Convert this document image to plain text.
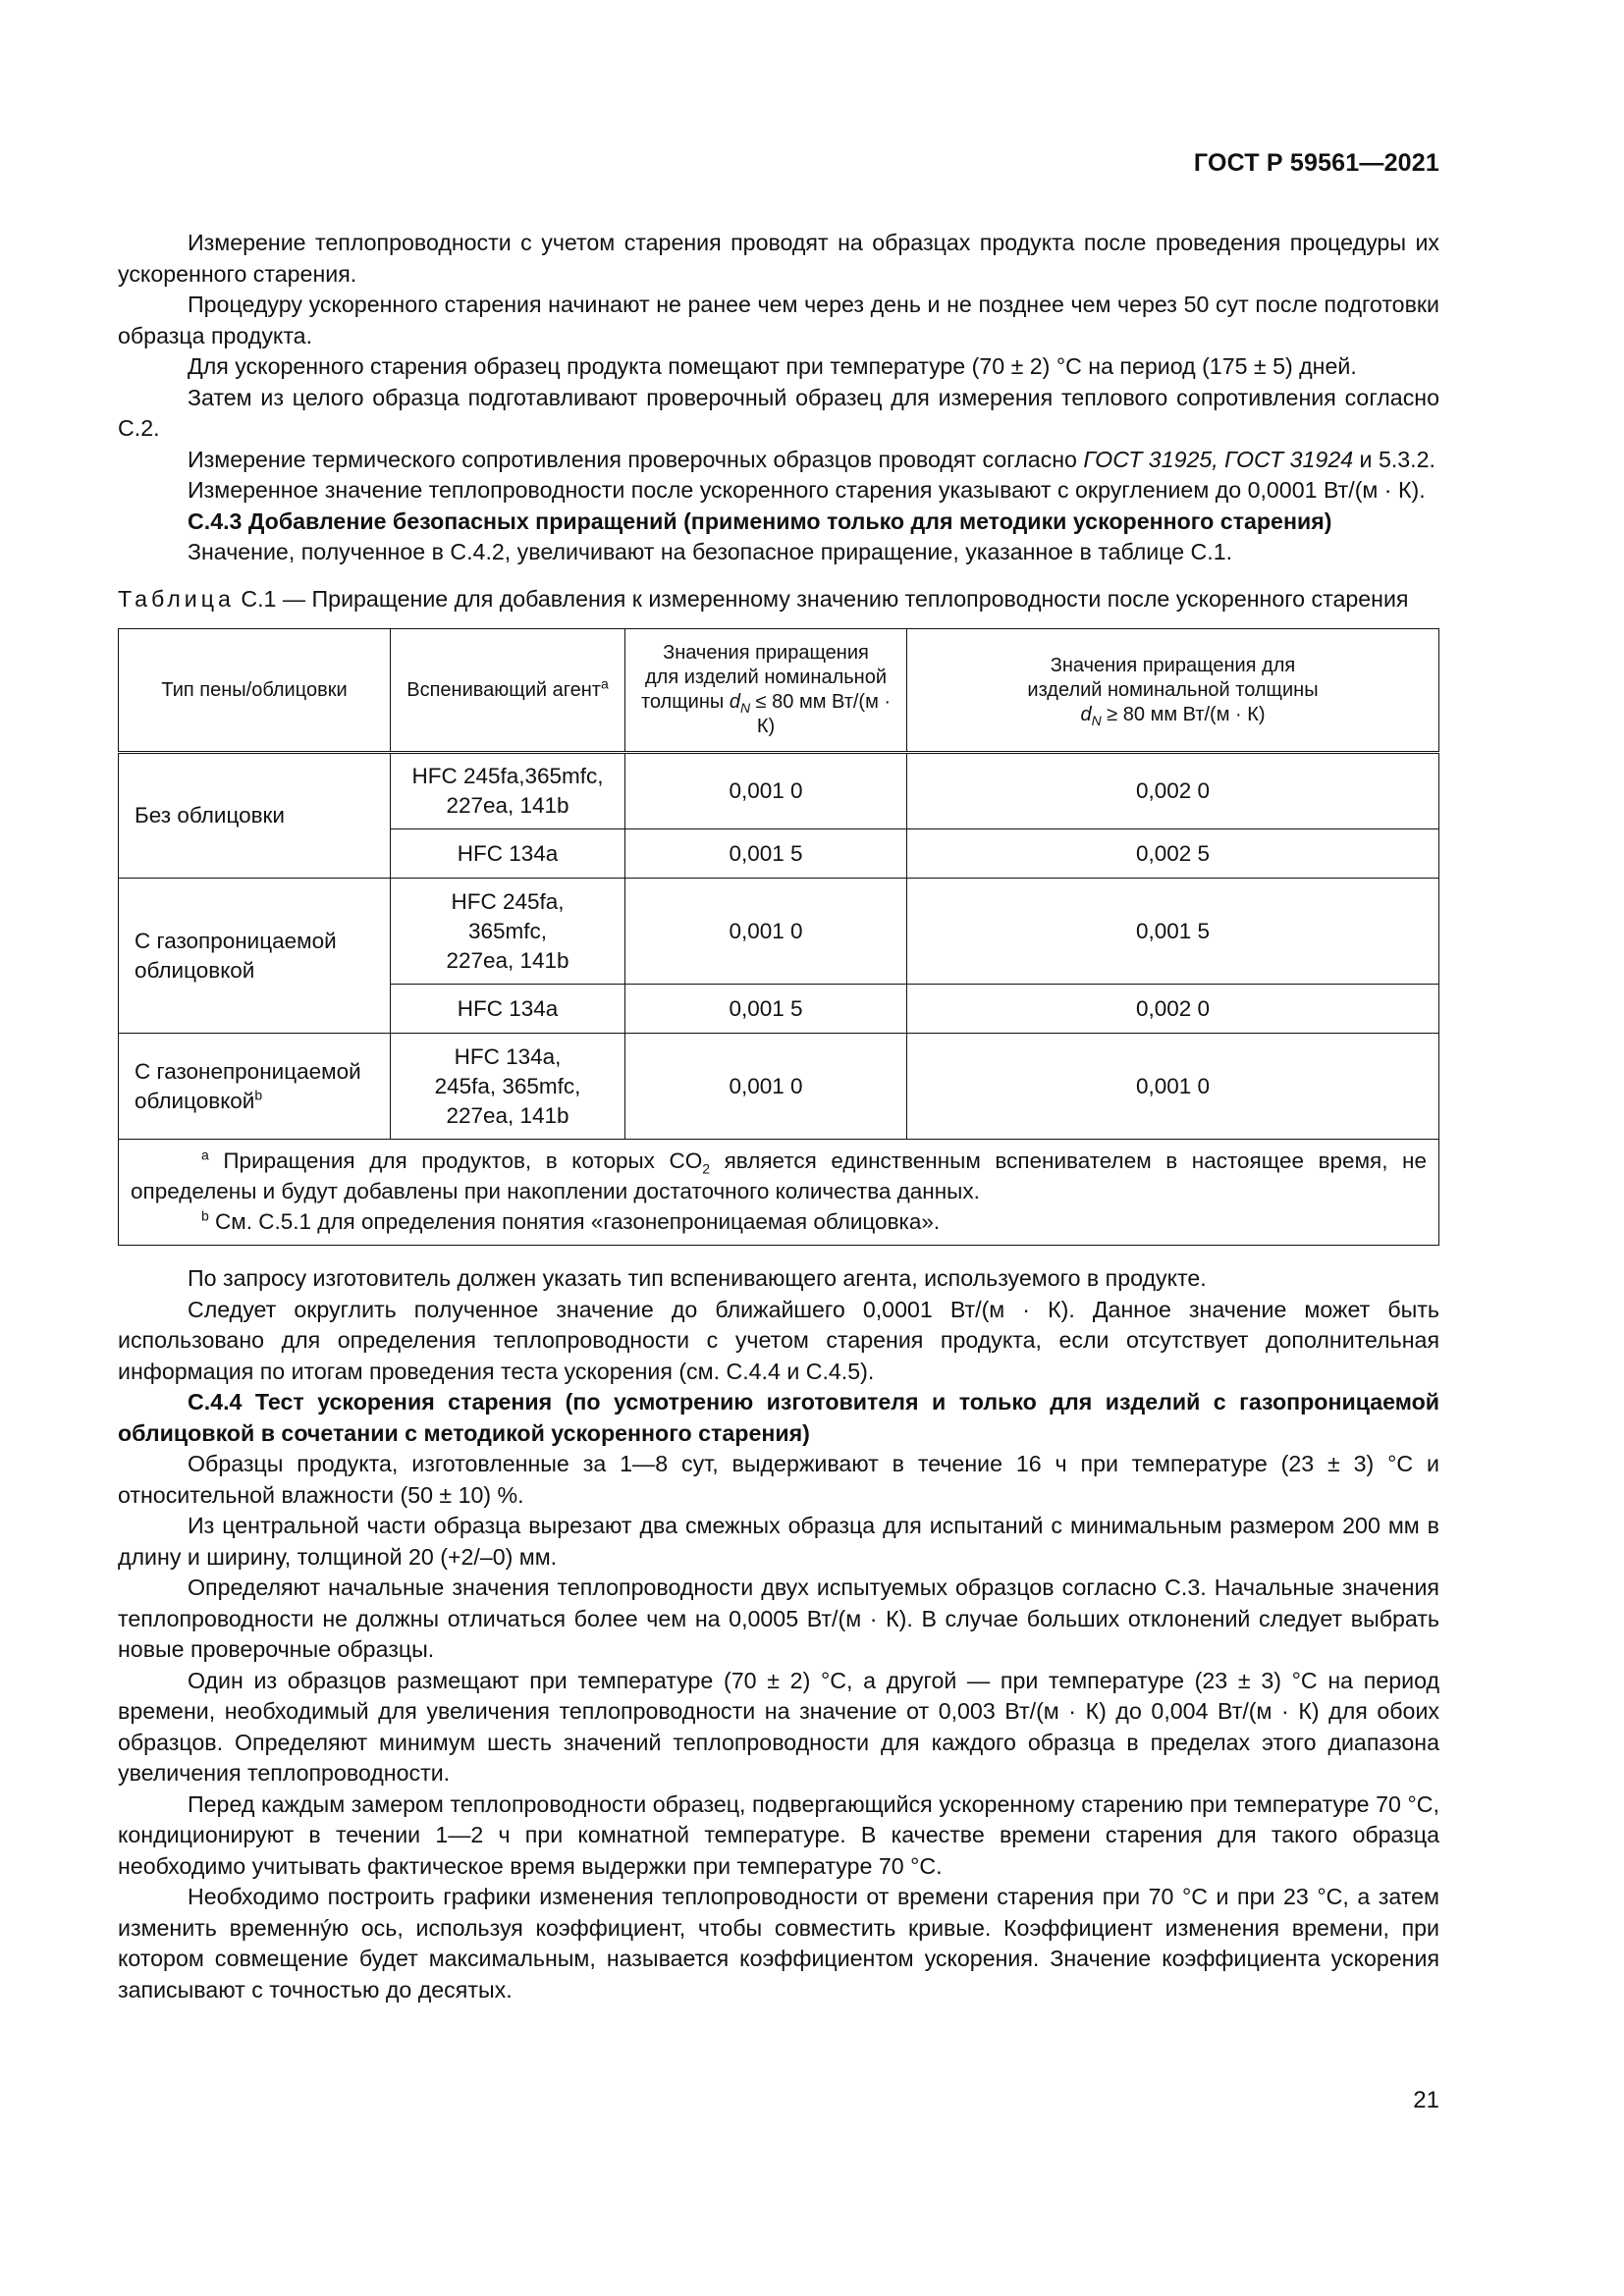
ГОСТ Р 59561—2021

Измерение теплопроводности с учетом старения проводят на образцах продукта после проведения процедуры их ускоренного старения.

Процедуру ускоренного старения начинают не ранее чем через день и не позднее чем через 50 сут после подготовки образца продукта.

Для ускоренного старения образец продукта помещают при температуре (70 ± 2) °С на период (175 ± 5) дней.

Затем из целого образца подготавливают проверочный образец для измерения теплового сопротивления согласно С.2.

Измерение термического сопротивления проверочных образцов проводят согласно ГОСТ 31925, ГОСТ 31924 и 5.3.2.

Измеренное значение теплопроводности после ускоренного старения указывают с округлением до 0,0001 Вт/(м · К).

С.4.3 Добавление безопасных приращений (применимо только для методики ускоренного старения)

Значение, полученное в С.4.2, увеличивают на безопасное приращение, указанное в таблице С.1.

Таблица С.1 — Приращение для добавления к измеренному значению теплопроводности после ускоренного старения

Тип пены/облицовки	Вспенивающий агент$^a$	Значения приращения
для изделий номинальной
толщины $d_N \le 80$ мм Вт/(м · К)	Значения приращения для
изделий номинальной толщины
$d_N \ge 80$ мм Вт/(м · К)
Без облицовки	HFC 245fa,365mfc,
227ea, 141b	0,001 0	0,002 0
	HFC 134a	0,001 5	0,002 5
С газопроницаемой
облицовкой	HFC 245fa,
365mfc,
227ea, 141b	0,001 0	0,001 5
	HFC 134a	0,001 5	0,002 0
С газонепроницаемой
облицовкой$^b$	HFC 134a,
245fa, 365mfc,
227ea, 141b	0,001 0	0,001 0

$^a$ Приращения для продуктов, в которых $CO_2$ является единственным вспенивателем в настоящее время, не определены и будут добавлены при накоплении достаточного количества данных.
$^b$ См. С.5.1 для определения понятия «газонепроницаемая облицовка».			

По запросу изготовитель должен указать тип вспенивающего агента, используемого в продукте.

Следует округлить полученное значение до ближайшего 0,0001 Вт/(м · К). Данное значение может быть использовано для определения теплопроводности с учетом старения продукта, если отсутствует дополнительная информация по итогам проведения теста ускорения (см. С.4.4 и С.4.5).

С.4.4 Тест ускорения старения (по усмотрению изготовителя и только для изделий с газопроницаемой облицовкой в сочетании с методикой ускоренного старения)

Образцы продукта, изготовленные за 1—8 сут, выдерживают в течение 16 ч при температуре (23 ± 3) °С и относительной влажности (50 ± 10) %.

Из центральной части образца вырезают два смежных образца для испытаний с минимальным размером 200 мм в длину и ширину, толщиной 20 (+2/–0) мм.

Определяют начальные значения теплопроводности двух испытуемых образцов согласно С.3. Начальные значения теплопроводности не должны отличаться более чем на 0,0005 Вт/(м · К). В случае больших отклонений следует выбрать новые проверочные образцы.

Один из образцов размещают при температуре (70 ± 2) °С, а другой — при температуре (23 ± 3) °С на период времени, необходимый для увеличения теплопроводности на значение от 0,003 Вт/(м · К) до 0,004 Вт/(м · К) для обоих образцов. Определяют минимум шесть значений теплопроводности для каждого образца в пределах этого диапазона увеличения теплопроводности.

Перед каждым замером теплопроводности образец, подвергающийся ускоренному старению при температуре 70 °С, кондиционируют в течении 1—2 ч при комнатной температуре. В качестве времени старения для такого образца необходимо учитывать фактическое время выдержки при температуре 70 °С.

Необходимо построить графики изменения теплопроводности от времени старения при 70 °С и при 23 °С, а затем изменить временнýю ось, используя коэффициент, чтобы совместить кривые. Коэффициент изменения времени, при котором совмещение будет максимальным, называется коэффициентом ускорения. Значение коэффициента ускорения записывают с точностью до десятых.

21
